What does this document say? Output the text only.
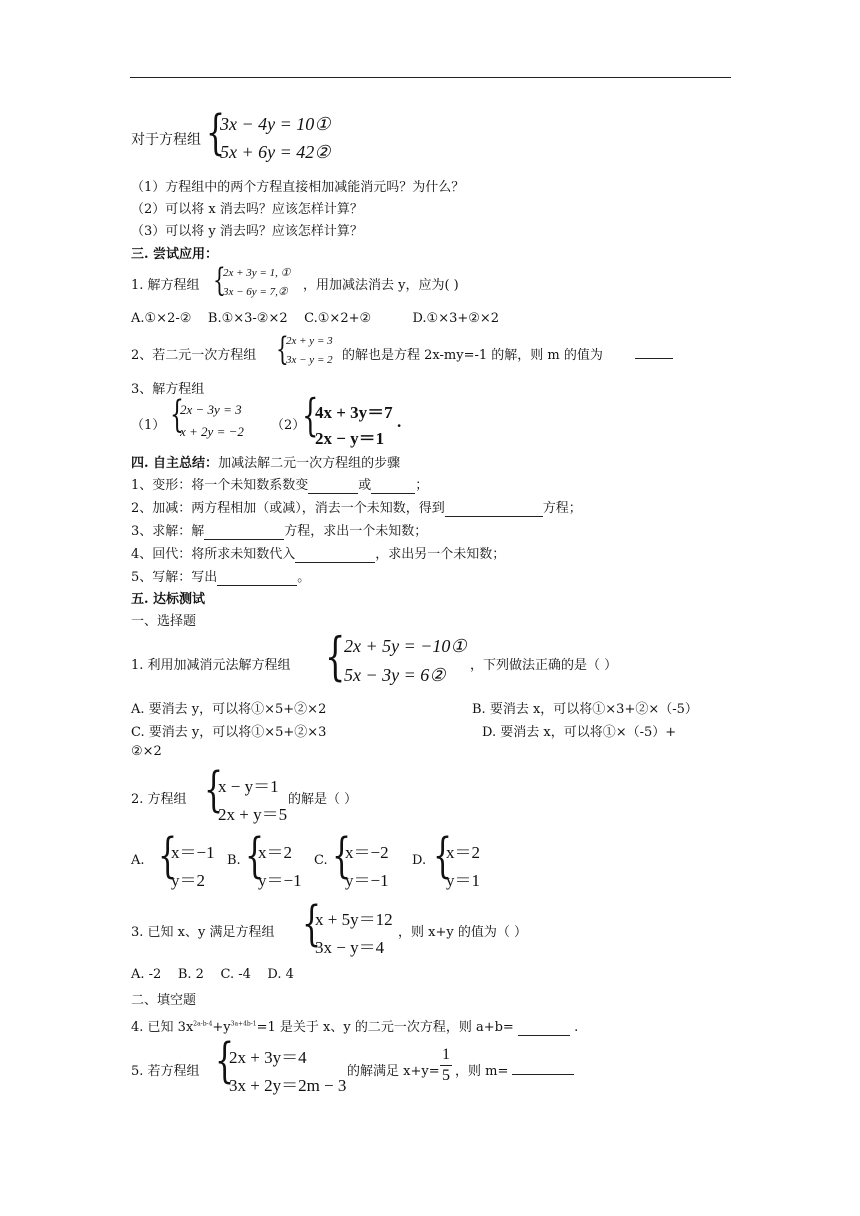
对于方程组 {
3x − 4y = 10①
5x + 6y = 42②
（1）方程组中的两个方程直接相加减能消元吗？为什么？
（2）可以将 x 消去吗？应该怎样计算？
（3）可以将 y 消去吗？应该怎样计算？
三. 尝试应用：
1. 解方程组 {
2x + 3y = 1, ①
3x − 6y = 7,② ，用加减法消去 y，应为( )
A.①×2-②    B.①×3-②×2    C.①×2+②          D.①×3+②×2
2、若二元一次方程组 {
2x + y = 3
3x − y = 2 的解也是方程 2x-my=-1 的解，则 m 的值为
3、解方程组
（1） {
2x − 3y = 3
x + 2y = −2 （2）
{
4x + 3y＝7
2x − y＝1
.
四. 自主总结：加减法解二元一次方程组的步骤
1、变形：将一个未知数系数变	或	；
2、加减：两方程相加（或减），消去一个未知数，得到	方程；
3、求解：解	方程，求出一个未知数；
4、回代：将所求未知数代入	，求出另一个未知数；
5、写解：写出	。
五. 达标测试
一、选择题
1. 利用加减消元法解方程组 {
2x + 5y = −10①
5x − 3y = 6② ，下列做法正确的是（ ）
A. 要消去 y，可以将①×5+②×2	B. 要消去 x，可以将①×3+②×（-5）
C. 要消去 y，可以将①×5+②×3	D. 要消去 x，可以将①×（-5）+
②×2
2. 方程组 {
x − y＝1
2x + y＝5
的解是（ ）
A. {
x＝−1
y＝2
B. {
x＝2
y＝−1
C. {
x＝−2
y＝−1
D. {
x＝2
y＝1
3. 已知 x、y 满足方程组 {
x + 5y＝12
3x − y＝4
，则 x+y 的值为（ ）
A. -2    B. 2    C. -4    D. 4
二、填空题
4. 已知 $3x^{2a-b-4}+y^{3a+4b-1}=1$ 是关于 x、y 的二元一次方程，则 a+b=	.
5. 若方程组 {
2x + 3y＝4
3x + 2y＝2m − 3
的解满足 x+y=
1
5 ，则 m=
